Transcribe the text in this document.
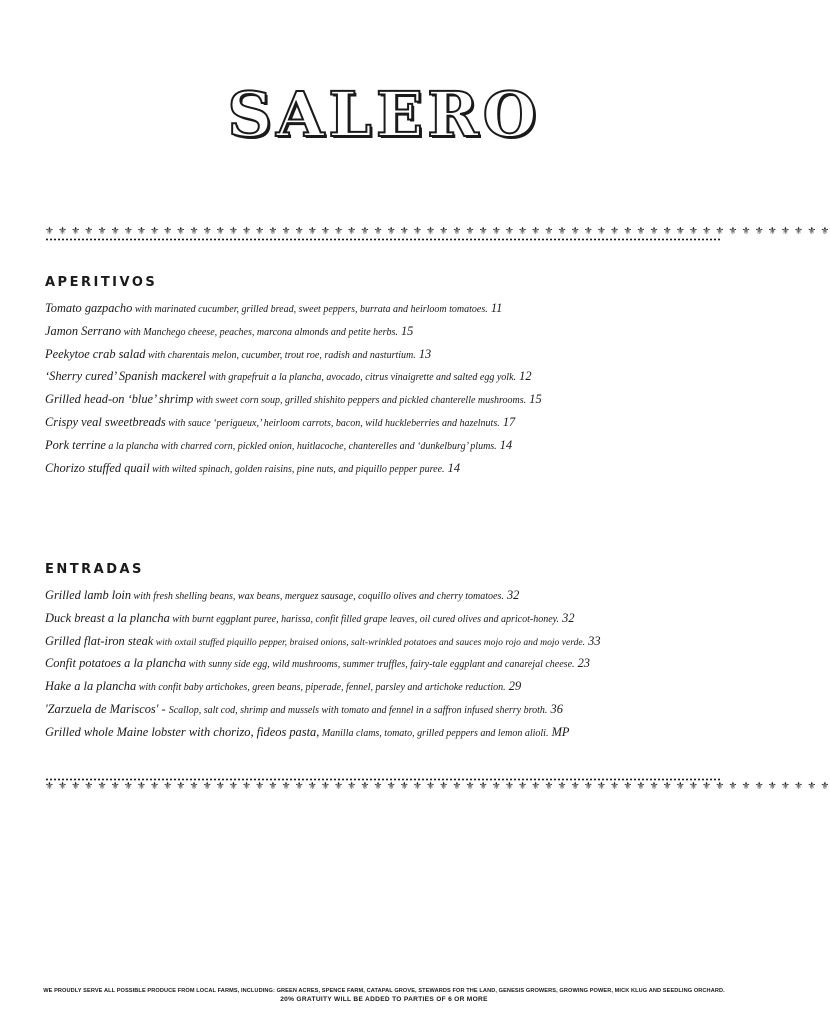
SALERO
⚜ ⚜ ⚜ ⚜ ⚜ ⚜ ⚜ ⚜ ⚜ ⚜ ⚜ ⚜ ⚜ ⚜ ⚜ ⚜ ⚜ ⚜ ⚜ ⚜ ⚜ ⚜ ⚜ ⚜ ⚜ ⚜ ⚜ ⚜ ⚜ ⚜ ⚜ ⚜ ⚜ ⚜ ⚜ ⚜ ⚜ ⚜ ⚜ ⚜ ⚜ ⚜ ⚜ ⚜ ⚜ ⚜ ⚜ ⚜ ⚜ ⚜ ⚜ ⚜ ⚜ ⚜ ⚜ ⚜ ⚜ ⚜ ⚜ ⚜
APERITIVOS
Tomato gazpacho with marinated cucumber, grilled bread, sweet peppers, burrata and heirloom tomatoes. 11
Jamon Serrano with Manchego cheese, peaches, marcona almonds and petite herbs. 15
Peekytoe crab salad with charentais melon, cucumber, trout roe, radish and nasturtium. 13
‘Sherry cured’ Spanish mackerel with grapefruit a la plancha, avocado, citrus vinaigrette and salted egg yolk. 12
Grilled head-on ‘blue’ shrimp with sweet corn soup, grilled shishito peppers and pickled chanterelle mushrooms. 15
Crispy veal sweetbreads with sauce ‘perigueux,’ heirloom carrots, bacon, wild huckleberries and hazelnuts. 17
Pork terrine a la plancha with charred corn, pickled onion, huitlacoche, chanterelles and ‘dunkelburg’ plums. 14
Chorizo stuffed quail with wilted spinach, golden raisins, pine nuts, and piquillo pepper puree. 14
ENTRADAS
Grilled lamb loin with fresh shelling beans, wax beans, merguez sausage, coquillo olives and cherry tomatoes. 32
Duck breast a la plancha with burnt eggplant puree, harissa, confit filled grape leaves, oil cured olives and apricot-honey. 32
Grilled flat-iron steak with oxtail stuffed piquillo pepper, braised onions, salt-wrinkled potatoes and sauces mojo rojo and mojo verde. 33
Confit potatoes a la plancha with sunny side egg, wild mushrooms, summer truffles, fairy-tale eggplant and canarejal cheese. 23
Hake a la plancha with confit baby artichokes, green beans, piperade, fennel, parsley and artichoke reduction. 29
'Zarzuela de Mariscos' - Scallop, salt cod, shrimp and mussels with tomato and fennel in a saffron infused sherry broth. 36
Grilled whole Maine lobster with chorizo, fideos pasta, Manilla clams, tomato, grilled peppers and lemon alioli. MP
⚜ ⚜ ⚜ ⚜ ⚜ ⚜ ⚜ ⚜ ⚜ ⚜ ⚜ ⚜ ⚜ ⚜ ⚜ ⚜ ⚜ ⚜ ⚜ ⚜ ⚜ ⚜ ⚜ ⚜ ⚜ ⚜ ⚜ ⚜ ⚜ ⚜ ⚜ ⚜ ⚜ ⚜ ⚜ ⚜ ⚜ ⚜ ⚜ ⚜ ⚜ ⚜ ⚜ ⚜ ⚜ ⚜ ⚜ ⚜ ⚜ ⚜ ⚜ ⚜ ⚜ ⚜ ⚜ ⚜ ⚜ ⚜ ⚜ ⚜
WE PROUDLY SERVE ALL POSSIBLE PRODUCE FROM LOCAL FARMS, INCLUDING: GREEN ACRES, SPENCE FARM, CATAPAL GROVE, STEWARDS FOR THE LAND, GENESIS GROWERS, GROWING POWER, MICK KLUG AND SEEDLING ORCHARD.
20% GRATUITY WILL BE ADDED TO PARTIES OF 6 OR MORE
